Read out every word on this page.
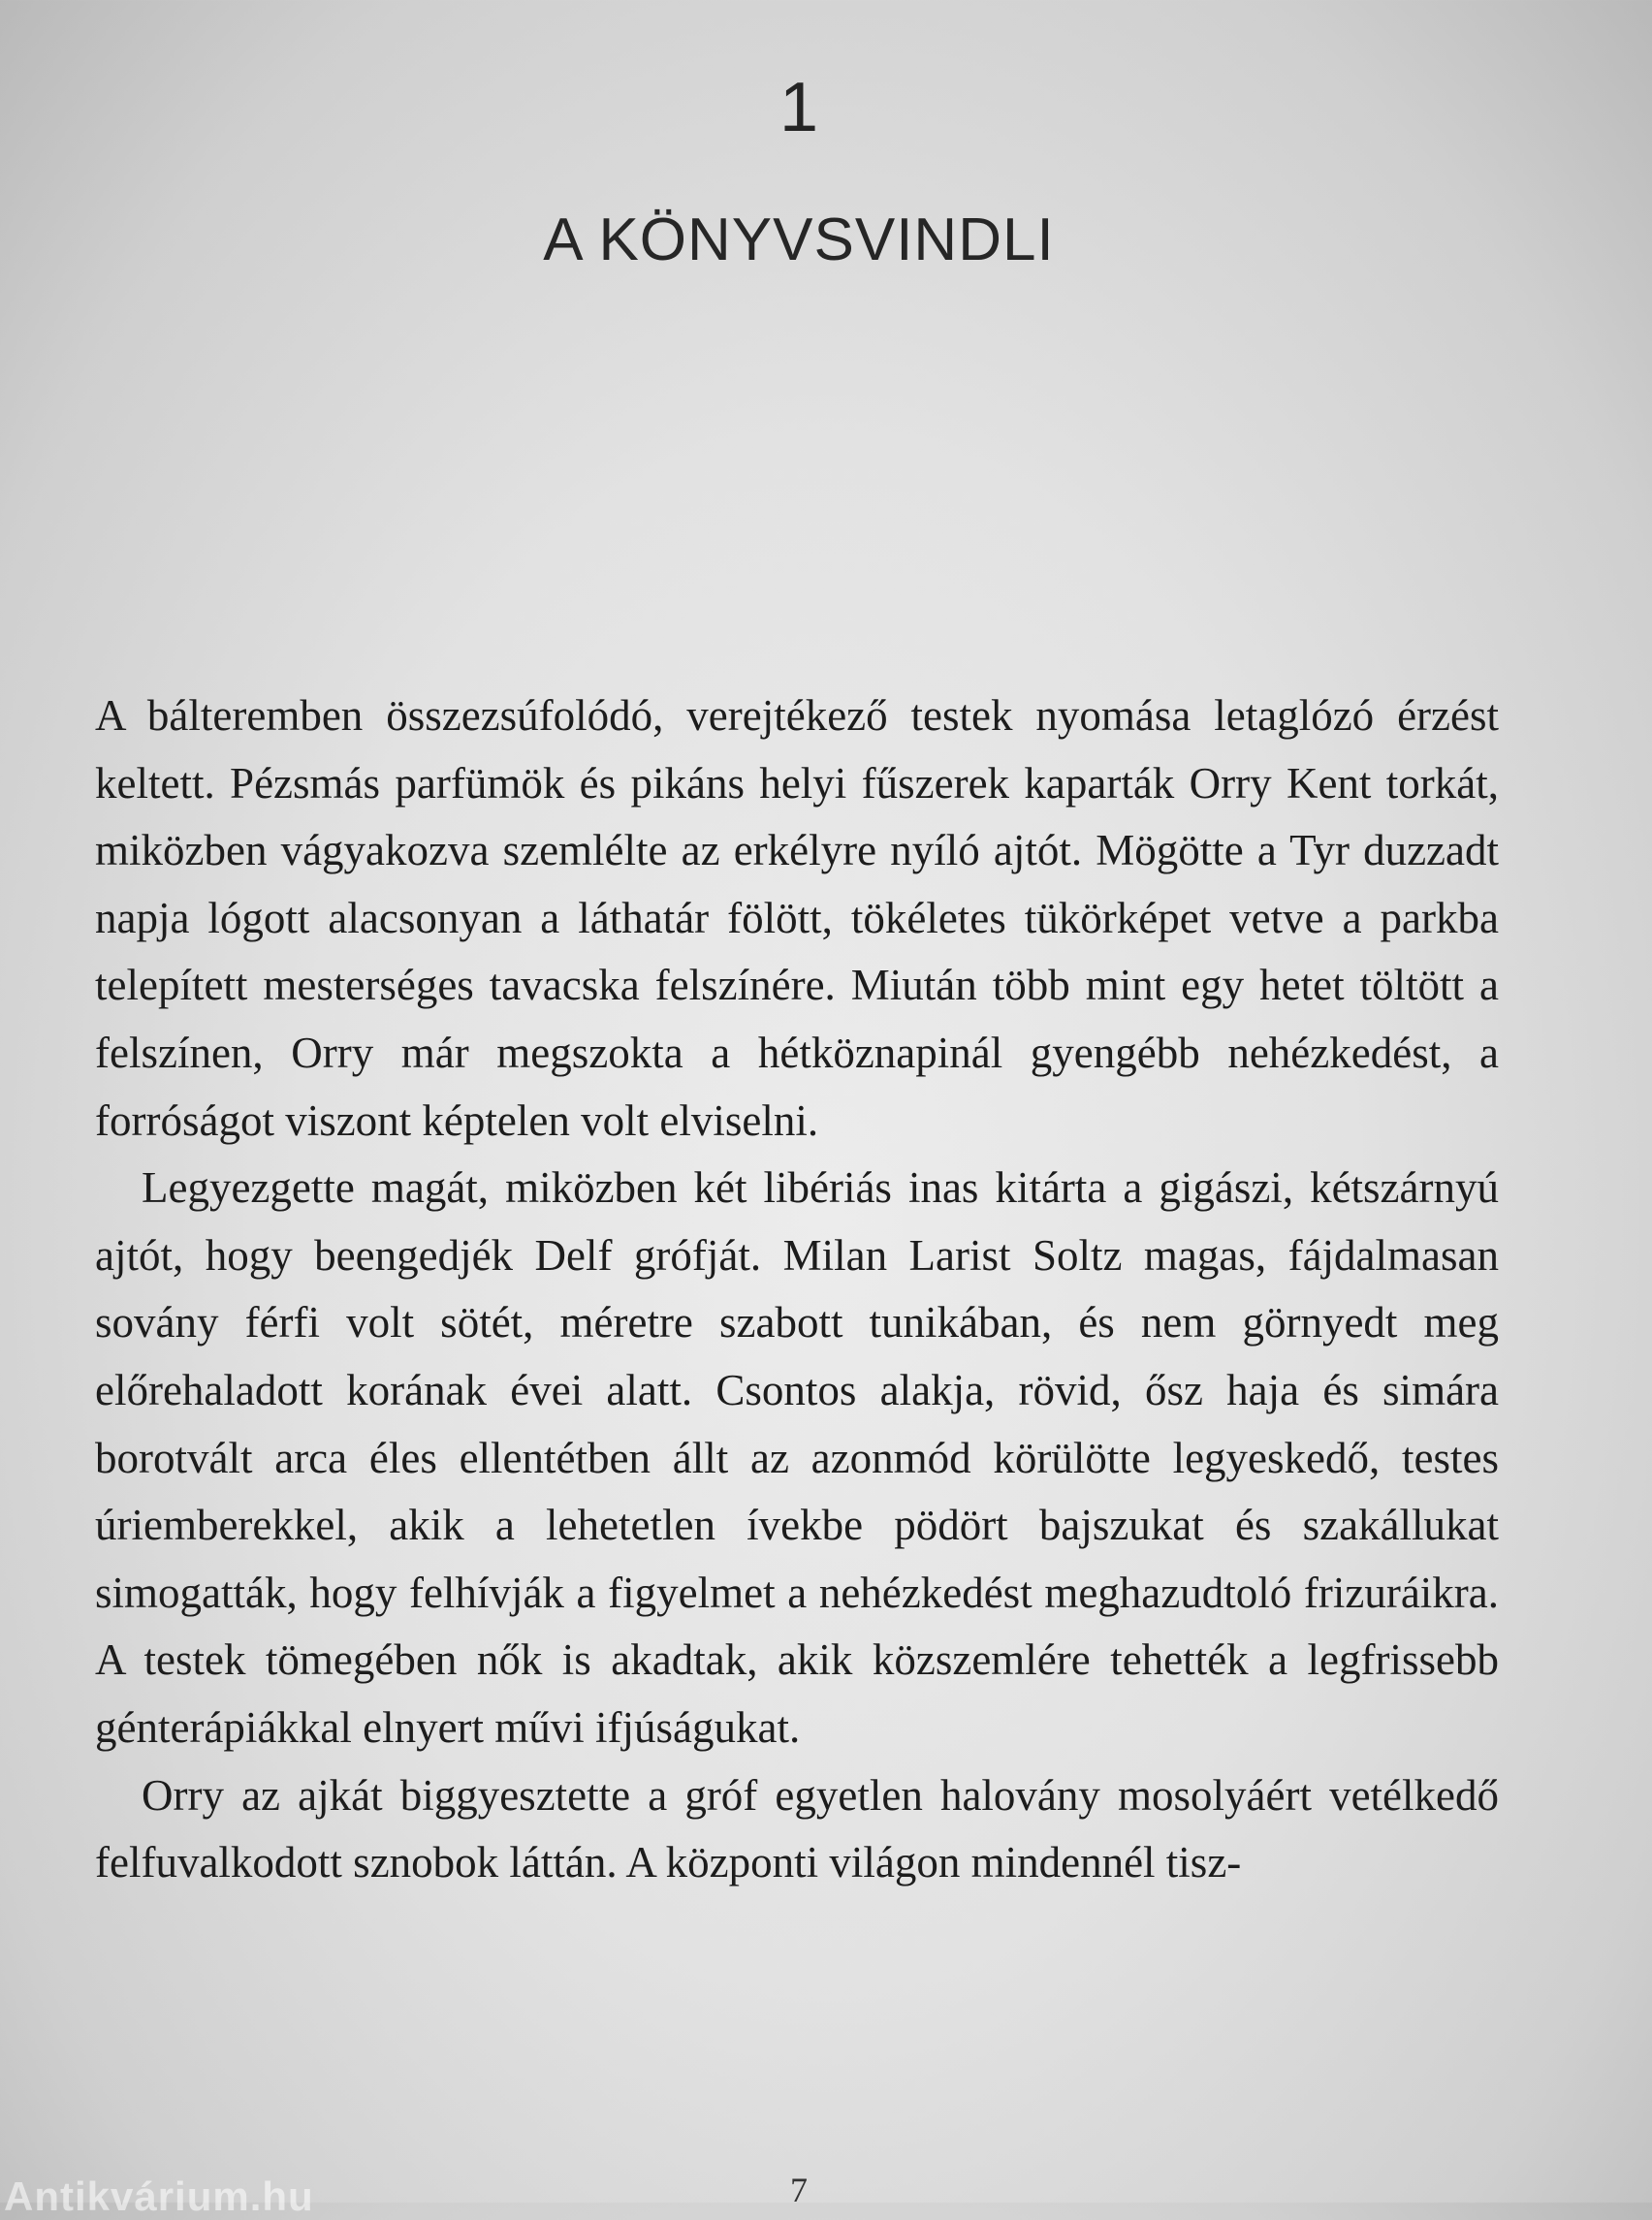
1
A KÖNYVSVINDLI

A bálteremben összezsúfolódó, verejtékező testek nyomása letaglózó érzést keltett. Pézsmás parfümök és pikáns helyi fűszerek kaparták Orry Kent torkát, miközben vágyakozva szemlélte az erkélyre nyíló ajtót. Mögötte a Tyr duzzadt napja lógott alacsonyan a láthatár fölött, tökéletes tükörképet vetve a parkba telepített mesterséges tavacska felszínére. Miután több mint egy hetet töltött a felszínen, Orry már megszokta a hétköznapinál gyengébb nehézkedést, a forróságot viszont képtelen volt elviselni.

Legyezgette magát, miközben két libériás inas kitárta a gigászi, kétszárnyú ajtót, hogy beengedjék Delf grófját. Milan Larist Soltz magas, fájdalmasan sovány férfi volt sötét, méretre szabott tunikában, és nem görnyedt meg előrehaladott korának évei alatt. Csontos alakja, rövid, ősz haja és simára borotvált arca éles ellentétben állt az azonmód körülötte legyeskedő, testes úriemberekkel, akik a lehetetlen ívekbe pödört bajszukat és szakállukat simogatták, hogy felhívják a figyelmet a nehézkedést meghazudtoló frizuráikra. A testek tömegében nők is akadtak, akik közszemlére tehették a legfrissebb génterápiákkal elnyert művi ifjúságukat.

Orry az ajkát biggyesztette a gróf egyetlen halovány mosolyáért vetélkedő felfuvalkodott sznobok láttán. A központi világon mindennél tisz-

7
Antikvárium.hu
